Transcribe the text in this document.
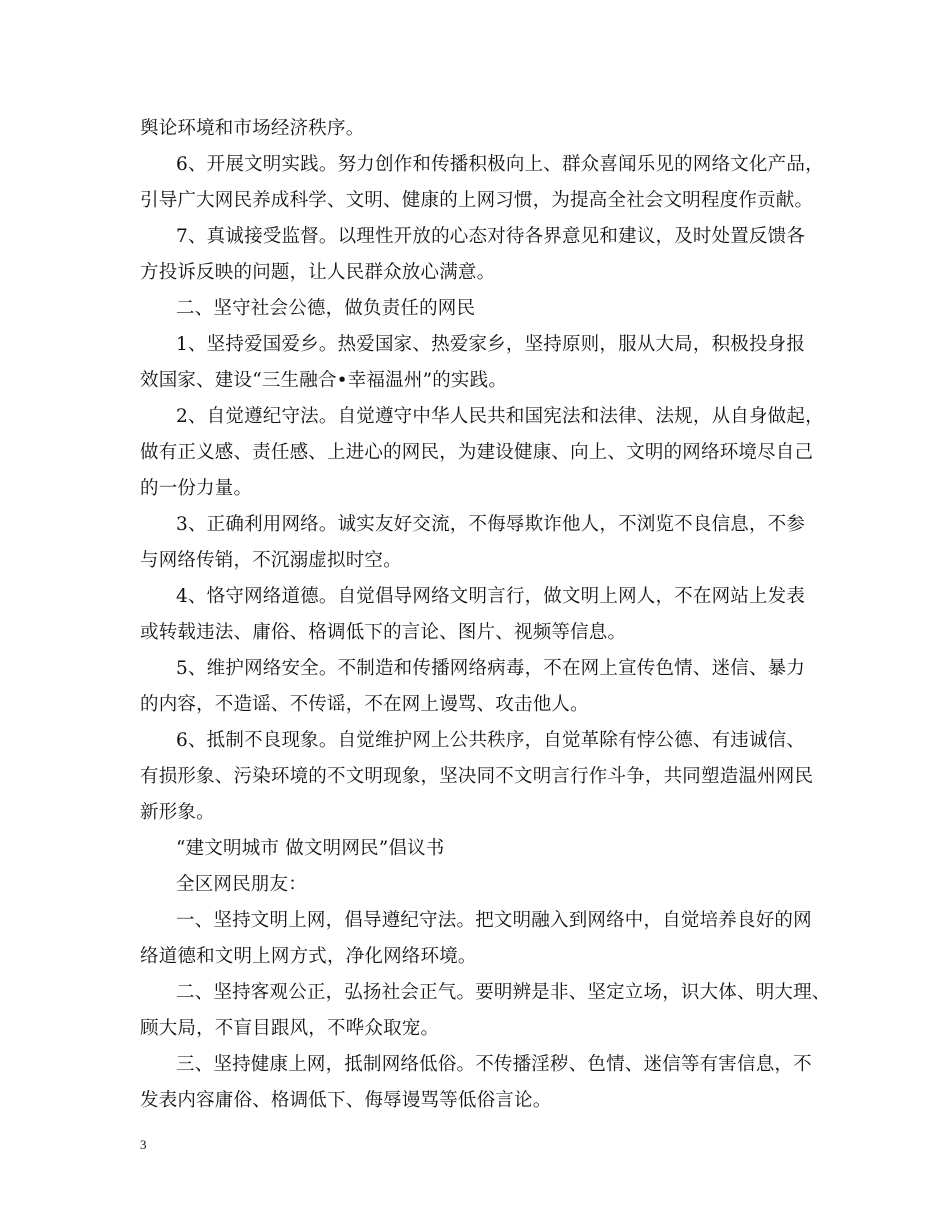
舆论环境和市场经济秩序。
6、开展文明实践。努力创作和传播积极向上、群众喜闻乐见的网络文化产品，
引导广大网民养成科学、文明、健康的上网习惯，为提高全社会文明程度作贡献。
7、真诚接受监督。以理性开放的心态对待各界意见和建议，及时处置反馈各
方投诉反映的问题，让人民群众放心满意。
二、坚守社会公德，做负责任的网民
1、坚持爱国爱乡。热爱国家、热爱家乡，坚持原则，服从大局，积极投身报
效国家、建设“三生融合•幸福温州”的实践。
2、自觉遵纪守法。自觉遵守中华人民共和国宪法和法律、法规，从自身做起，
做有正义感、责任感、上进心的网民，为建设健康、向上、文明的网络环境尽自己
的一份力量。
3、正确利用网络。诚实友好交流，不侮辱欺诈他人，不浏览不良信息，不参
与网络传销，不沉溺虚拟时空。
4、恪守网络道德。自觉倡导网络文明言行，做文明上网人，不在网站上发表
或转载违法、庸俗、格调低下的言论、图片、视频等信息。
5、维护网络安全。不制造和传播网络病毒，不在网上宣传色情、迷信、暴力
的内容，不造谣、不传谣，不在网上谩骂、攻击他人。
6、抵制不良现象。自觉维护网上公共秩序，自觉革除有悖公德、有违诚信、
有损形象、污染环境的不文明现象，坚决同不文明言行作斗争，共同塑造温州网民
新形象。
“建文明城市 做文明网民”倡议书
全区网民朋友：
一、坚持文明上网，倡导遵纪守法。把文明融入到网络中，自觉培养良好的网
络道德和文明上网方式，净化网络环境。
二、坚持客观公正，弘扬社会正气。要明辨是非、坚定立场，识大体、明大理、
顾大局，不盲目跟风，不哗众取宠。
三、坚持健康上网，抵制网络低俗。不传播淫秽、色情、迷信等有害信息，不
发表内容庸俗、格调低下、侮辱谩骂等低俗言论。
3
